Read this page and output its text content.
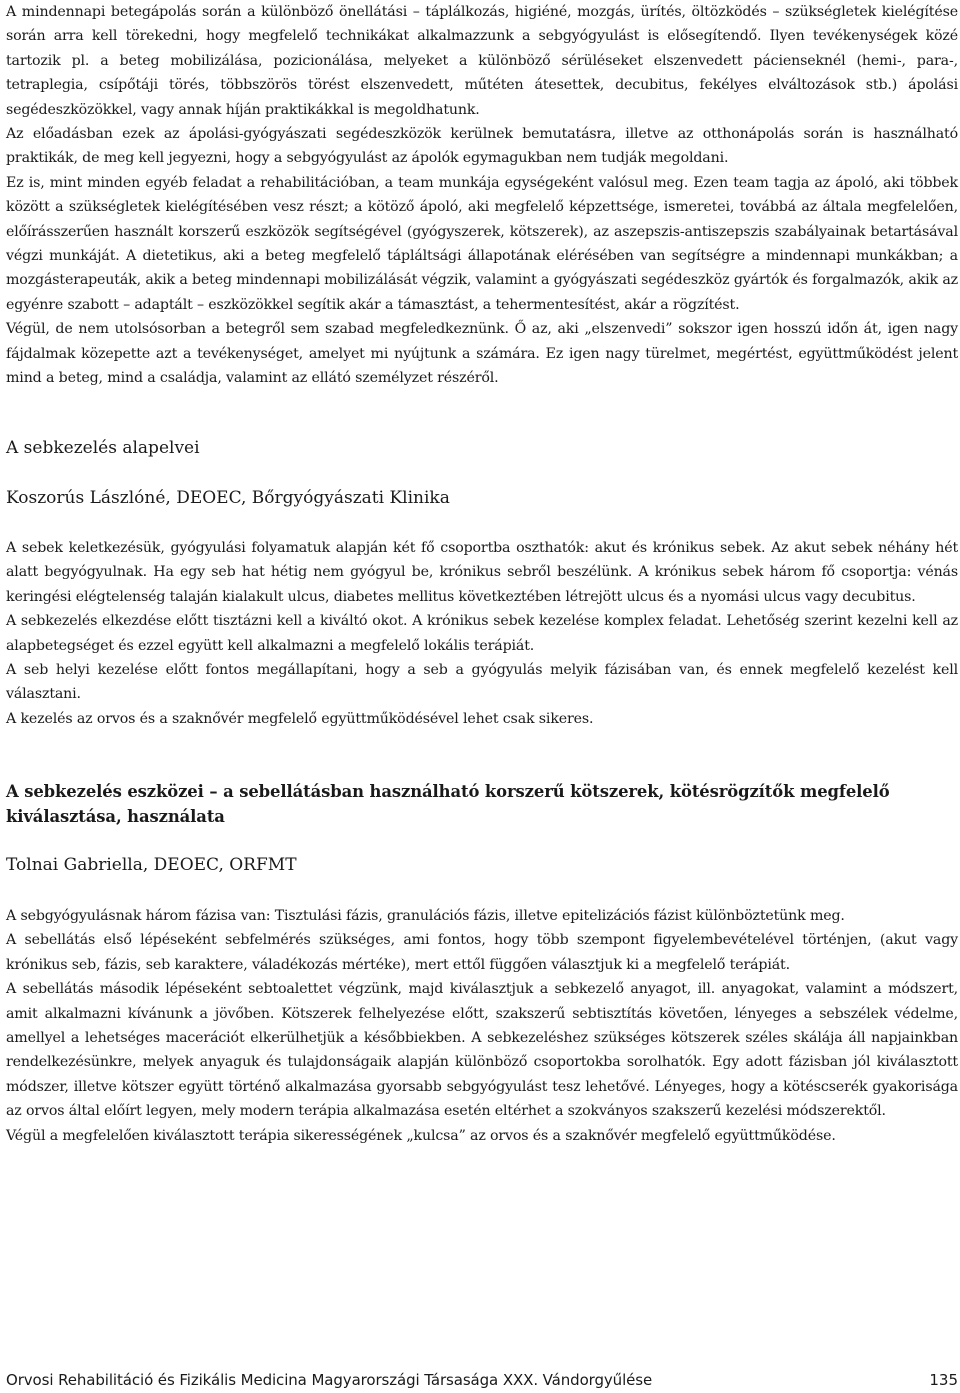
A mindennapi betegápolás során a különböző önellátási – táplálkozás, higiéné, mozgás, ürítés, öltözködés – szükségletek kielégítése során arra kell törekedni, hogy megfelelő technikákat alkalmazzunk a sebgyógyulást is elősegítendő. Ilyen tevékenységek közé tartozik pl. a beteg mobilizálása, pozicionálása, melyeket a különböző sérüléseket elszenvedett pácienseknél (hemi-, para-, tetraplegia, csípőtáji törés, többszörös törést elszenvedett, műtéten átesettek, decubitus, fekélyes elváltozások stb.) ápolási segédeszközökkel, vagy annak híján praktikákkal is megoldhatunk.

Az előadásban ezek az ápolási-gyógyászati segédeszközök kerülnek bemutatásra, illetve az otthonápolás során is használható praktikák, de meg kell jegyezni, hogy a sebgyógyulást az ápolók egymagukban nem tudják megoldani.

Ez is, mint minden egyéb feladat a rehabilitációban, a team munkája egységeként valósul meg. Ezen team tagja az ápoló, aki többek között a szükségletek kielégítésében vesz részt; a kötöző ápoló, aki megfelelő képzettsége, ismeretei, továbbá az általa megfelelően, előírásszerűen használt korszerű eszközök segítségével (gyógyszerek, kötszerek), az aszepszis-antiszepszis szabályainak betartásával végzi munkáját. A dietetikus, aki a beteg megfelelő tápláltsági állapotának elérésében van segítségre a mindennapi munkákban; a mozgásterapeuták, akik a beteg mindennapi mobilizálását végzik, valamint a gyógyászati segédeszköz gyártók és forgalmazók, akik az egyénre szabott – adaptált – eszközökkel segítik akár a támasztást, a tehermentesítést, akár a rögzítést.

Végül, de nem utolsósorban a betegről sem szabad megfeledkeznünk. Ő az, aki „elszenvedi” sokszor igen hosszú időn át, igen nagy fájdalmak közepette azt a tevékenységet, amelyet mi nyújtunk a számára. Ez igen nagy türelmet, megértést, együttműködést jelent mind a beteg, mind a családja, valamint az ellátó személyzet részéről.

A sebkezelés alapelvei
Koszorús Lászlóné, DEOEC, Bőrgyógyászati Klinika

A sebek keletkezésük, gyógyulási folyamatuk alapján két fő csoportba oszthatók: akut és krónikus sebek. Az akut sebek néhány hét alatt begyógyulnak. Ha egy seb hat hétig nem gyógyul be, krónikus sebről beszélünk. A krónikus sebek három fő csoportja: vénás keringési elégtelenség talaján kialakult ulcus, diabetes mellitus következtében létrejött ulcus és a nyomási ulcus vagy decubitus.

A sebkezelés elkezdése előtt tisztázni kell a kiváltó okot. A krónikus sebek kezelése komplex feladat. Lehetőség szerint kezelni kell az alapbetegséget és ezzel együtt kell alkalmazni a megfelelő lokális terápiát.

A seb helyi kezelése előtt fontos megállapítani, hogy a seb a gyógyulás melyik fázisában van, és ennek megfelelő kezelést kell választani.

A kezelés az orvos és a szaknővér megfelelő együttműködésével lehet csak sikeres.

A sebkezelés eszközei – a sebellátásban használható korszerű kötszerek, kötésrögzítők megfelelő kiválasztása, használata
Tolnai Gabriella, DEOEC, ORFMT

A sebgyógyulásnak három fázisa van: Tisztulási fázis, granulációs fázis, illetve epitelizációs fázist különböztetünk meg.

A sebellátás első lépéseként sebfelmérés szükséges, ami fontos, hogy több szempont figyelembevételével történjen, (akut vagy krónikus seb, fázis, seb karaktere, váladékozás mértéke), mert ettől függően választjuk ki a megfelelő terápiát.

A sebellátás második lépéseként sebtoalettet végzünk, majd kiválasztjuk a sebkezelő anyagot, ill. anyagokat, valamint a módszert, amit alkalmazni kívánunk a jövőben. Kötszerek felhelyezése előtt, szakszerű sebtisztítás követően, lényeges a sebszélek védelme, amellyel a lehetséges macerációt elkerülhetjük a későbbiekben. A sebkezeléshez szükséges kötszerek széles skálája áll napjainkban rendelkezésünkre, melyek anyaguk és tulajdonságaik alapján különböző csoportokba sorolhatók. Egy adott fázisban jól kiválasztott módszer, illetve kötszer együtt történő alkalmazása gyorsabb sebgyógyulást tesz lehetővé. Lényeges, hogy a kötéscserék gyakorisága az orvos által előírt legyen, mely modern terápia alkalmazása esetén eltérhet a szokványos szakszerű kezelési módszerektől.

Végül a megfelelően kiválasztott terápia sikerességének „kulcsa” az orvos és a szaknővér megfelelő együttműködése.

Orvosi Rehabilitáció és Fizikális Medicina Magyarországi Társasága XXX. Vándorgyűlése	135
